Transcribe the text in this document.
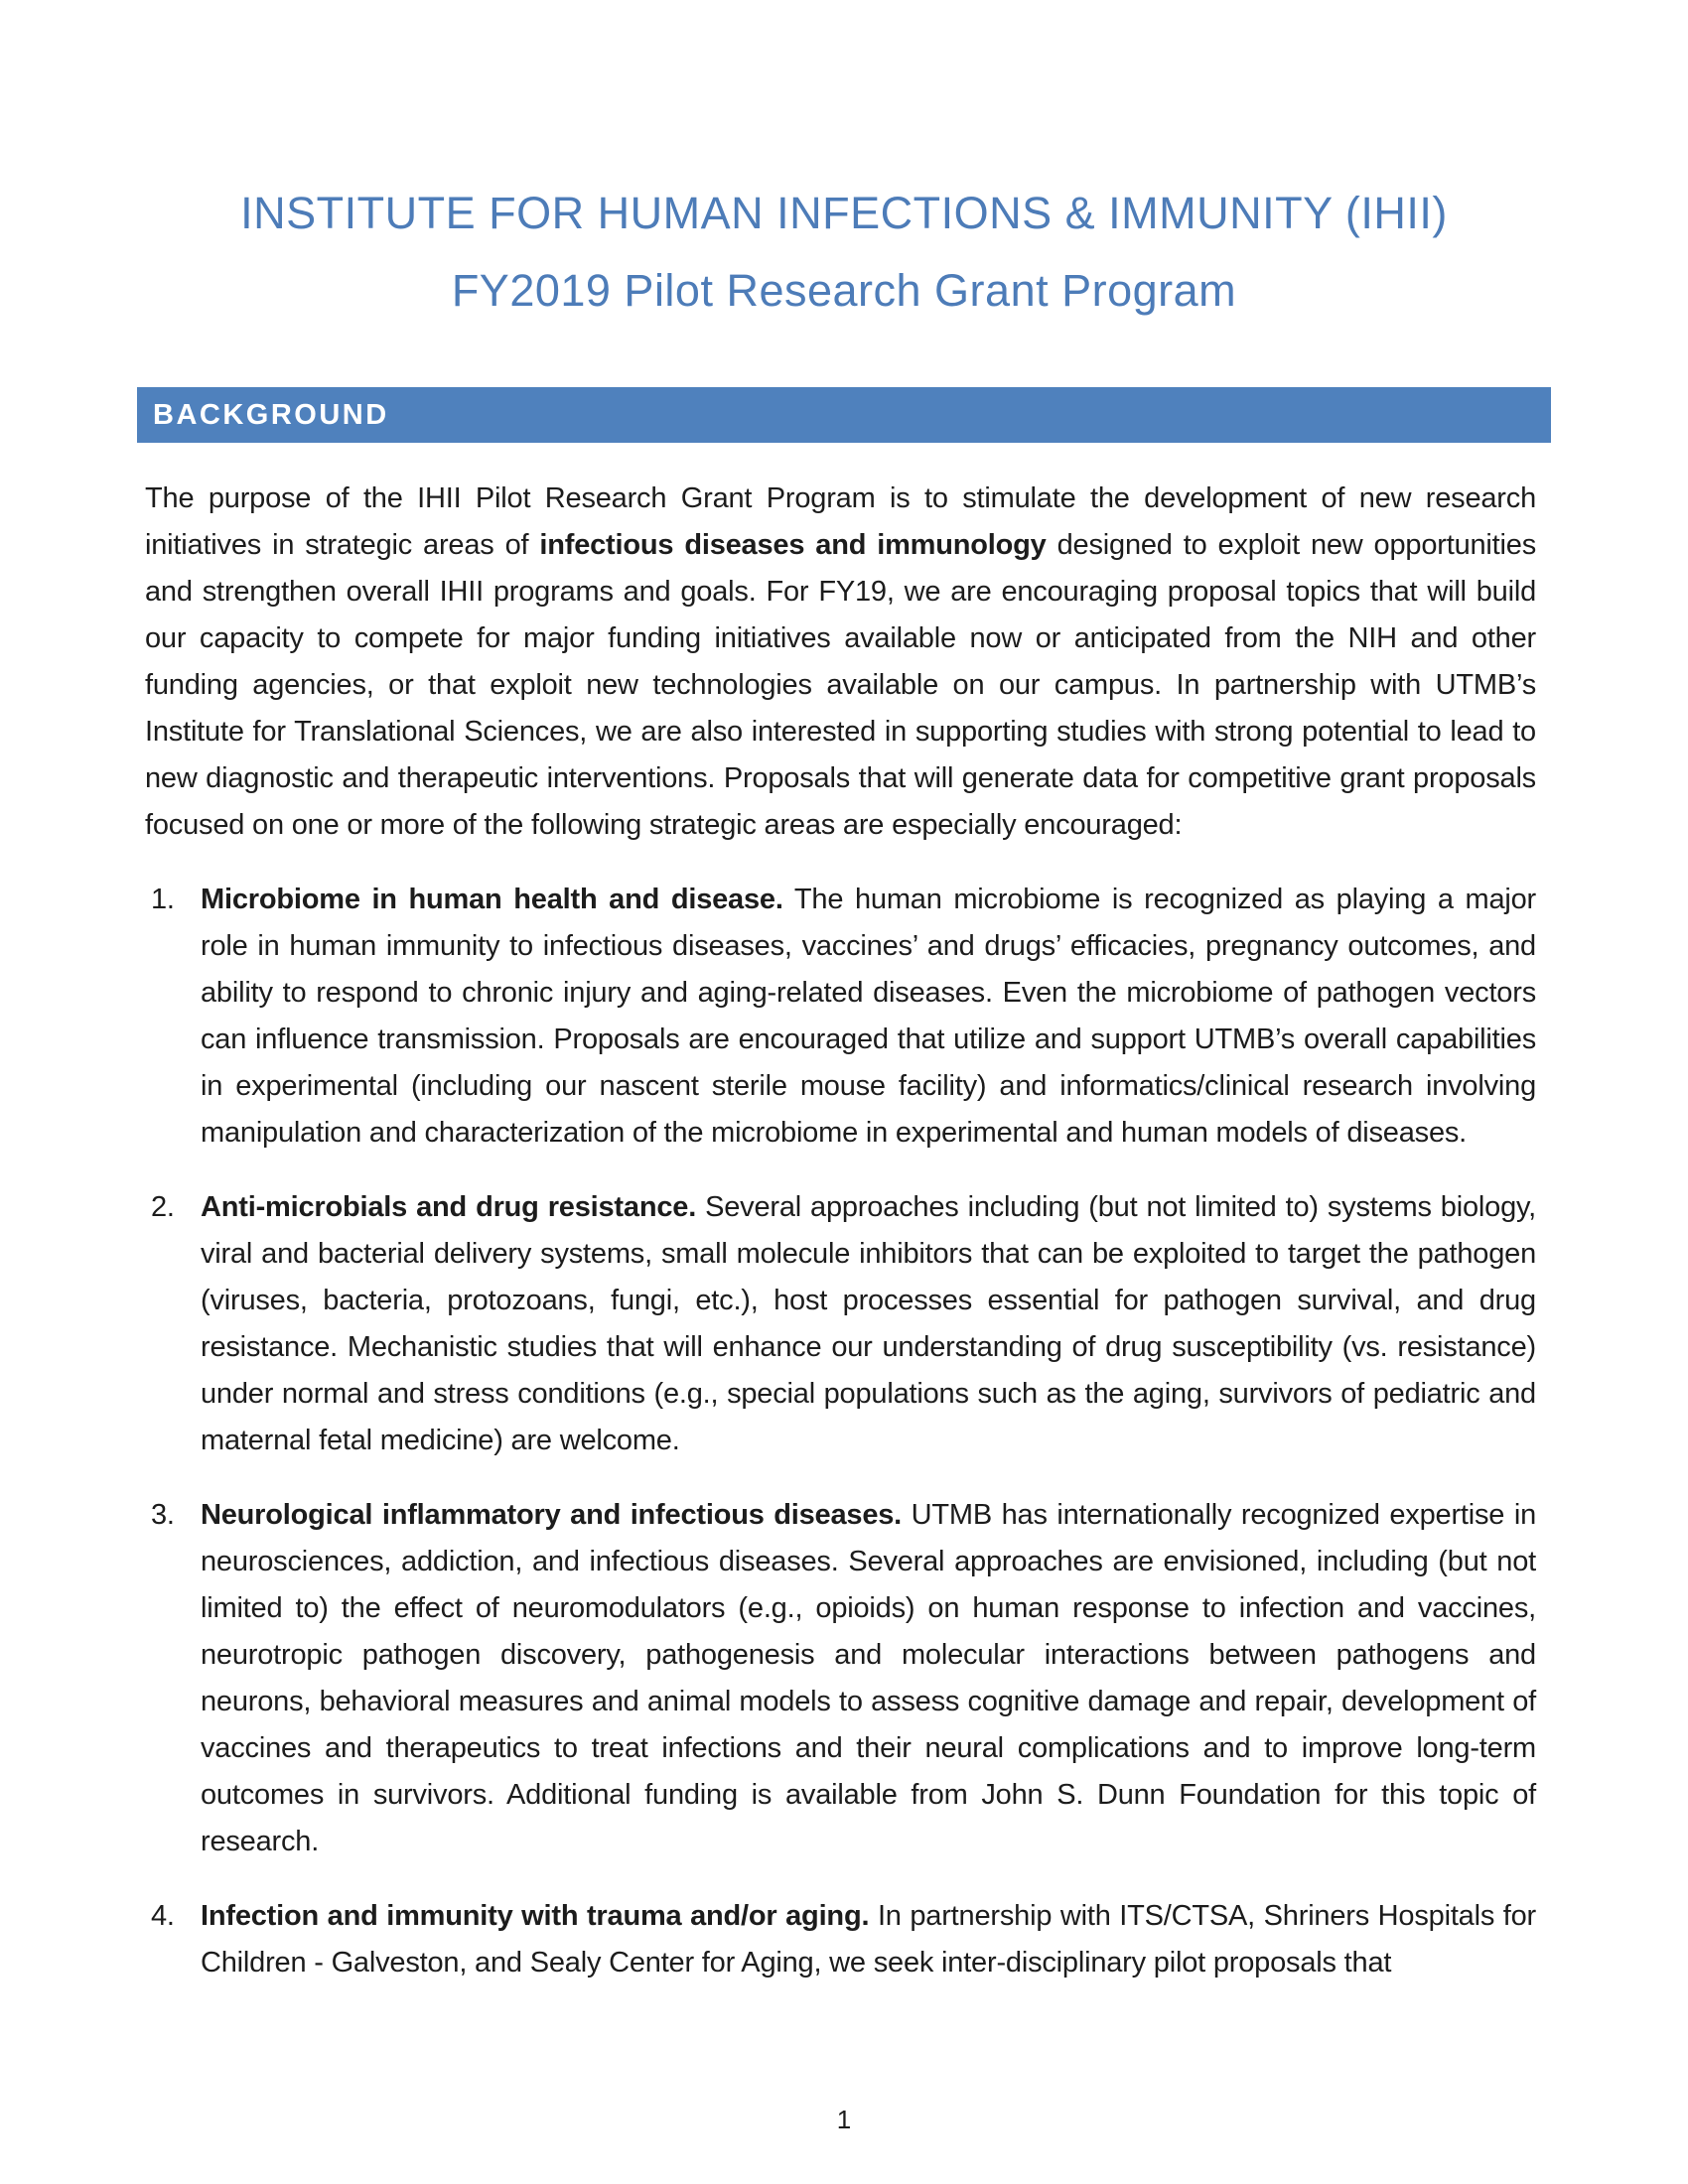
INSTITUTE FOR HUMAN INFECTIONS & IMMUNITY (IHII)
FY2019 Pilot Research Grant Program
BACKGROUND

The purpose of the IHII Pilot Research Grant Program is to stimulate the development of new research initiatives in strategic areas of infectious diseases and immunology designed to exploit new opportunities and strengthen overall IHII programs and goals. For FY19, we are encouraging proposal topics that will build our capacity to compete for major funding initiatives available now or anticipated from the NIH and other funding agencies, or that exploit new technologies available on our campus. In partnership with UTMB’s Institute for Translational Sciences, we are also interested in supporting studies with strong potential to lead to new diagnostic and therapeutic interventions. Proposals that will generate data for competitive grant proposals focused on one or more of the following strategic areas are especially encouraged:

1. Microbiome in human health and disease. The human microbiome is recognized as playing a major role in human immunity to infectious diseases, vaccines’ and drugs’ efficacies, pregnancy outcomes, and ability to respond to chronic injury and aging-related diseases. Even the microbiome of pathogen vectors can influence transmission. Proposals are encouraged that utilize and support UTMB’s overall capabilities in experimental (including our nascent sterile mouse facility) and informatics/clinical research involving manipulation and characterization of the microbiome in experimental and human models of diseases.
2. Anti-microbials and drug resistance. Several approaches including (but not limited to) systems biology, viral and bacterial delivery systems, small molecule inhibitors that can be exploited to target the pathogen (viruses, bacteria, protozoans, fungi, etc.), host processes essential for pathogen survival, and drug resistance. Mechanistic studies that will enhance our understanding of drug susceptibility (vs. resistance) under normal and stress conditions (e.g., special populations such as the aging, survivors of pediatric and maternal fetal medicine) are welcome.
3. Neurological inflammatory and infectious diseases. UTMB has internationally recognized expertise in neurosciences, addiction, and infectious diseases. Several approaches are envisioned, including (but not limited to) the effect of neuromodulators (e.g., opioids) on human response to infection and vaccines, neurotropic pathogen discovery, pathogenesis and molecular interactions between pathogens and neurons, behavioral measures and animal models to assess cognitive damage and repair, development of vaccines and therapeutics to treat infections and their neural complications and to improve long-term outcomes in survivors. Additional funding is available from John S. Dunn Foundation for this topic of research.
4. Infection and immunity with trauma and/or aging. In partnership with ITS/CTSA, Shriners Hospitals for Children - Galveston, and Sealy Center for Aging, we seek inter-disciplinary pilot proposals that
1
